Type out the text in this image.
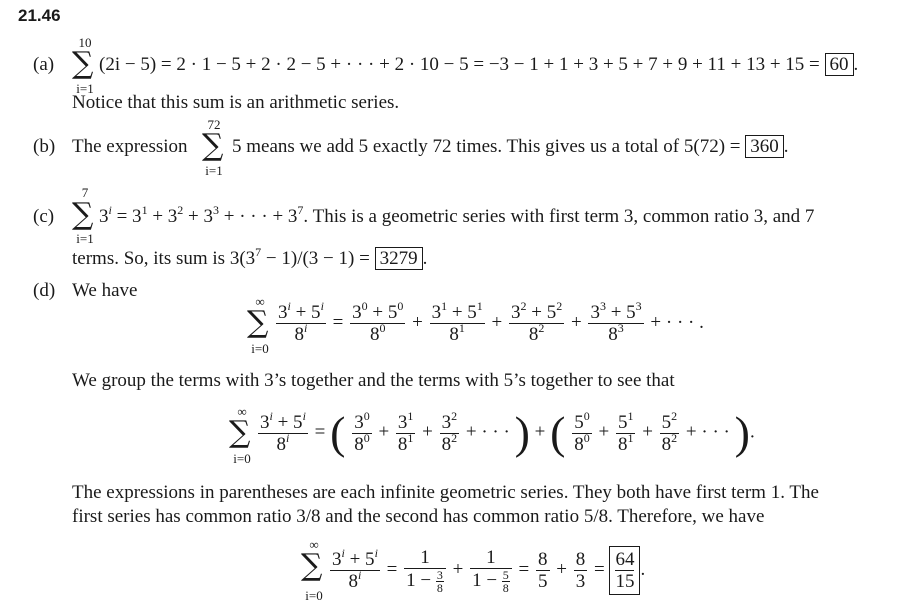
21.46
(a)
10
∑
i=1
(2i − 5) = 2 · 1 − 5 + 2 · 2 − 5 + · · · + 2 · 10 − 5 = −3 − 1 + 1 + 3 + 5 + 7 + 9 + 11 + 13 + 15 = 60 .
Notice that this sum is an arithmetic series.
(b) The expression
72
∑
i=1
5 means we add 5 exactly 72 times. This gives us a total of 5(72) = 360 .
(c)
7
∑
i=1
$3^i = 3^1 + 3^2 + 3^3$ + · · · + $3^7$. This is a geometric series with first term 3, common ratio 3, and 7
terms. So, its sum is $3(3^7 - 1)/(3 - 1) = 3279$ .
(d) We have
∞
∑
i=0
$\frac{3^i + 5^i}{8^i} = \frac{3^0 + 5^0}{8^0} + \frac{3^1 + 5^1}{8^1} + \frac{3^2 + 5^2}{8^2} + \frac{3^3 + 5^3}{8^3}$ + · · · .
We group the terms with 3’s together and the terms with 5’s together to see that
∞
∑
i=0
$\frac{3^i + 5^i}{8^i}$ = ( $\frac{3^0}{8^0} + \frac{3^1}{8^1} + \frac{3^2}{8^2}$ + · · · ) + ( $\frac{5^0}{8^0} + \frac{5^1}{8^1} + \frac{5^2}{8^2}$ + · · · ).
The expressions in parentheses are each infinite geometric series. They both have first term 1. The
first series has common ratio 3/8 and the second has common ratio 5/8. Therefore, we have
∞
∑
i=0
$\frac{3^i + 5^i}{8^i} = \frac{1}{1 - \frac{3}{8}} + \frac{1}{1 - \frac{5}{8}} = \frac{8}{5} + \frac{8}{3} = \frac{64}{15}$ .
